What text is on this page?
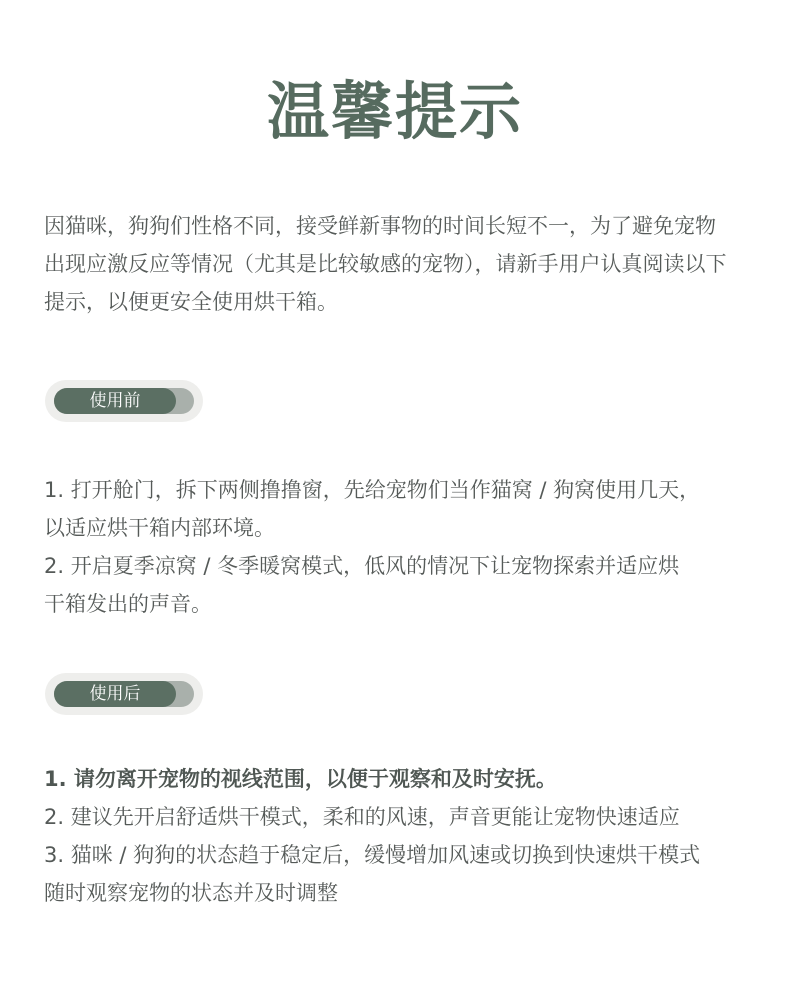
温馨提示

因猫咪，狗狗们性格不同，接受鲜新事物的时间长短不一，为了避免宠物

出现应激反应等情况（尤其是比较敏感的宠物），请新手用户认真阅读以下

提示，以便更安全使用烘干箱。

使用前

1. 打开舱门，拆下两侧撸撸窗，先给宠物们当作猫窝 / 狗窝使用几天，

以适应烘干箱内部环境。

2. 开启夏季凉窝 / 冬季暖窝模式，低风的情况下让宠物探索并适应烘

干箱发出的声音。

使用后

1. 请勿离开宠物的视线范围，以便于观察和及时安抚。

2. 建议先开启舒适烘干模式，柔和的风速，声音更能让宠物快速适应

3. 猫咪 / 狗狗的状态趋于稳定后，缓慢增加风速或切换到快速烘干模式

随时观察宠物的状态并及时调整
